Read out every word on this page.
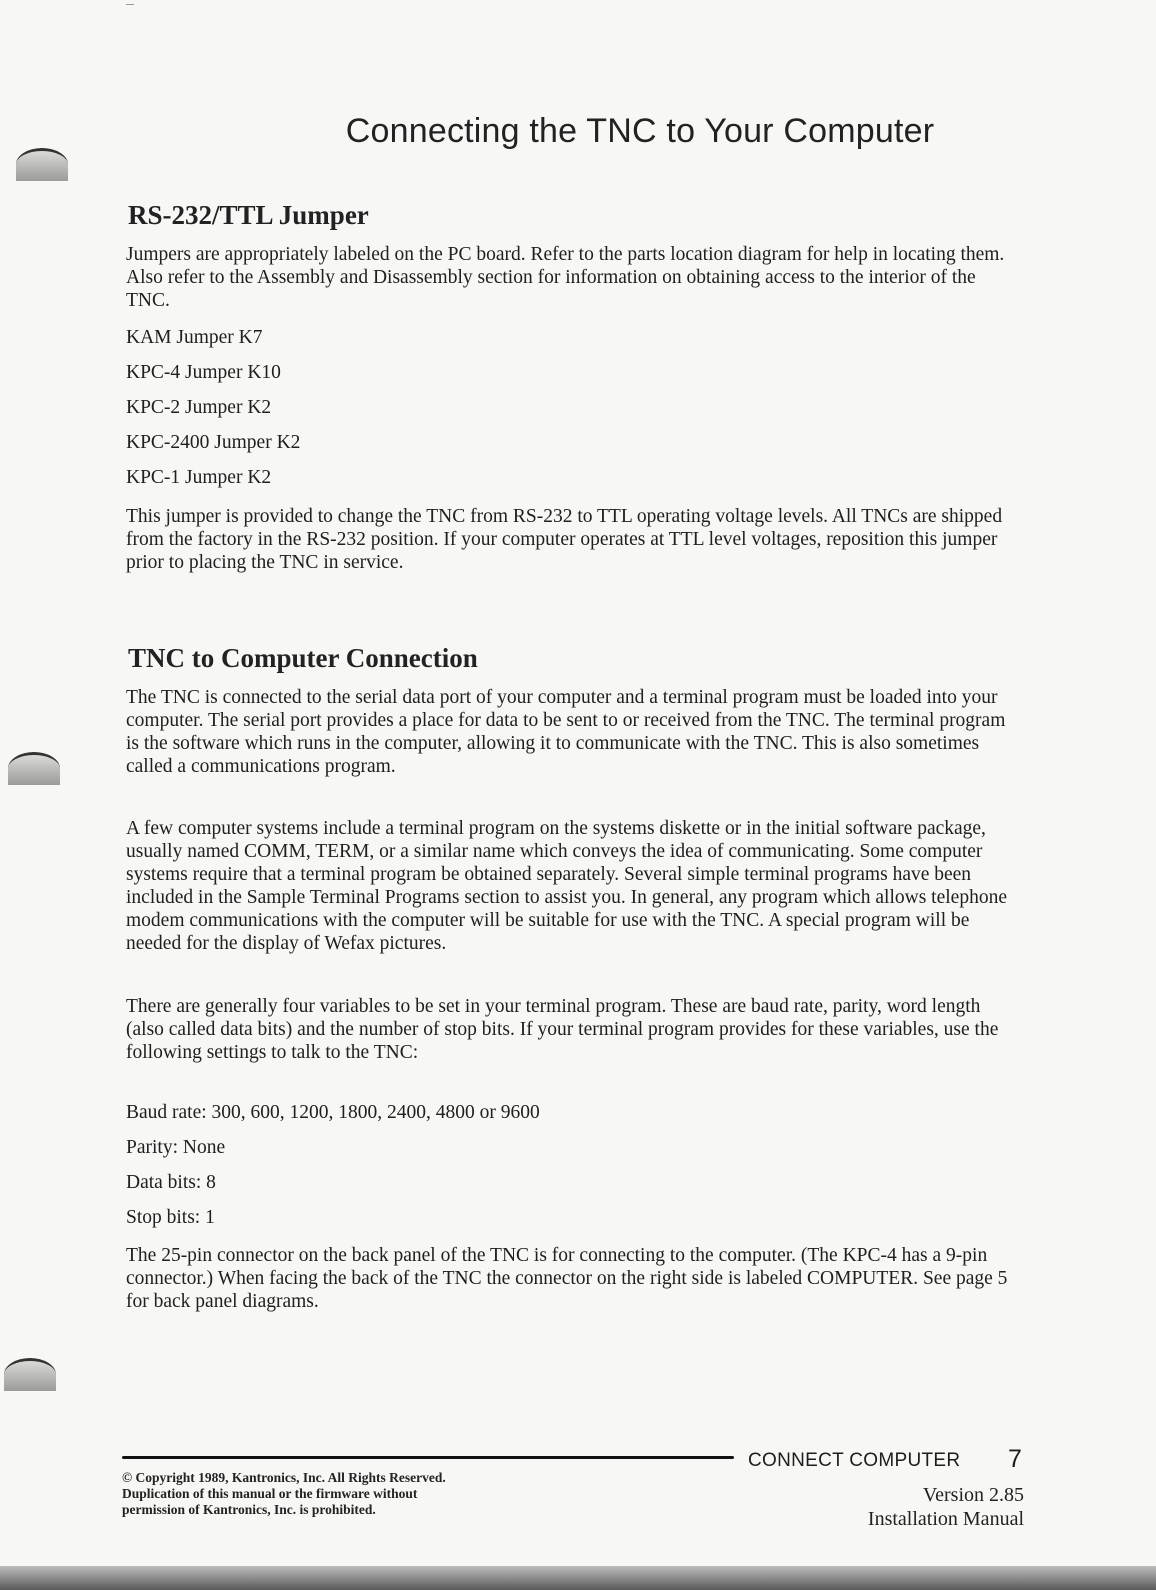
Connecting the TNC to Your Computer
RS-232/TTL Jumper

Jumpers are appropriately labeled on the PC board. Refer to the parts location diagram for help in locating them. Also refer to the Assembly and Disassembly section for information on obtaining access to the interior of the TNC.

KAM Jumper K7

KPC-4 Jumper K10

KPC-2 Jumper K2

KPC-2400 Jumper K2

KPC-1 Jumper K2

This jumper is provided to change the TNC from RS-232 to TTL operating voltage levels. All TNCs are shipped from the factory in the RS-232 position. If your computer operates at TTL level voltages, reposition this jumper prior to placing the TNC in service.

TNC to Computer Connection

The TNC is connected to the serial data port of your computer and a terminal program must be loaded into your computer. The serial port provides a place for data to be sent to or received from the TNC. The terminal program is the software which runs in the computer, allowing it to communicate with the TNC. This is also sometimes called a communications program.

A few computer systems include a terminal program on the systems diskette or in the initial software package, usually named COMM, TERM, or a similar name which conveys the idea of communicating. Some computer systems require that a terminal program be obtained separately. Several simple terminal programs have been included in the Sample Terminal Programs section to assist you. In general, any program which allows telephone modem communications with the computer will be suitable for use with the TNC. A special program will be needed for the display of Wefax pictures.

There are generally four variables to be set in your terminal program. These are baud rate, parity, word length (also called data bits) and the number of stop bits. If your terminal program provides for these variables, use the following settings to talk to the TNC:

Baud rate: 300, 600, 1200, 1800, 2400, 4800 or 9600

Parity: None

Data bits: 8

Stop bits: 1

The 25-pin connector on the back panel of the TNC is for connecting to the computer. (The KPC-4 has a 9-pin connector.) When facing the back of the TNC the connector on the right side is labeled COMPUTER. See page 5 for back panel diagrams.

© Copyright 1989, Kantronics, Inc. All Rights Reserved.
Duplication of this manual or the firmware without
permission of Kantronics, Inc. is prohibited.
CONNECT COMPUTER 7
Version 2.85
Installation Manual
